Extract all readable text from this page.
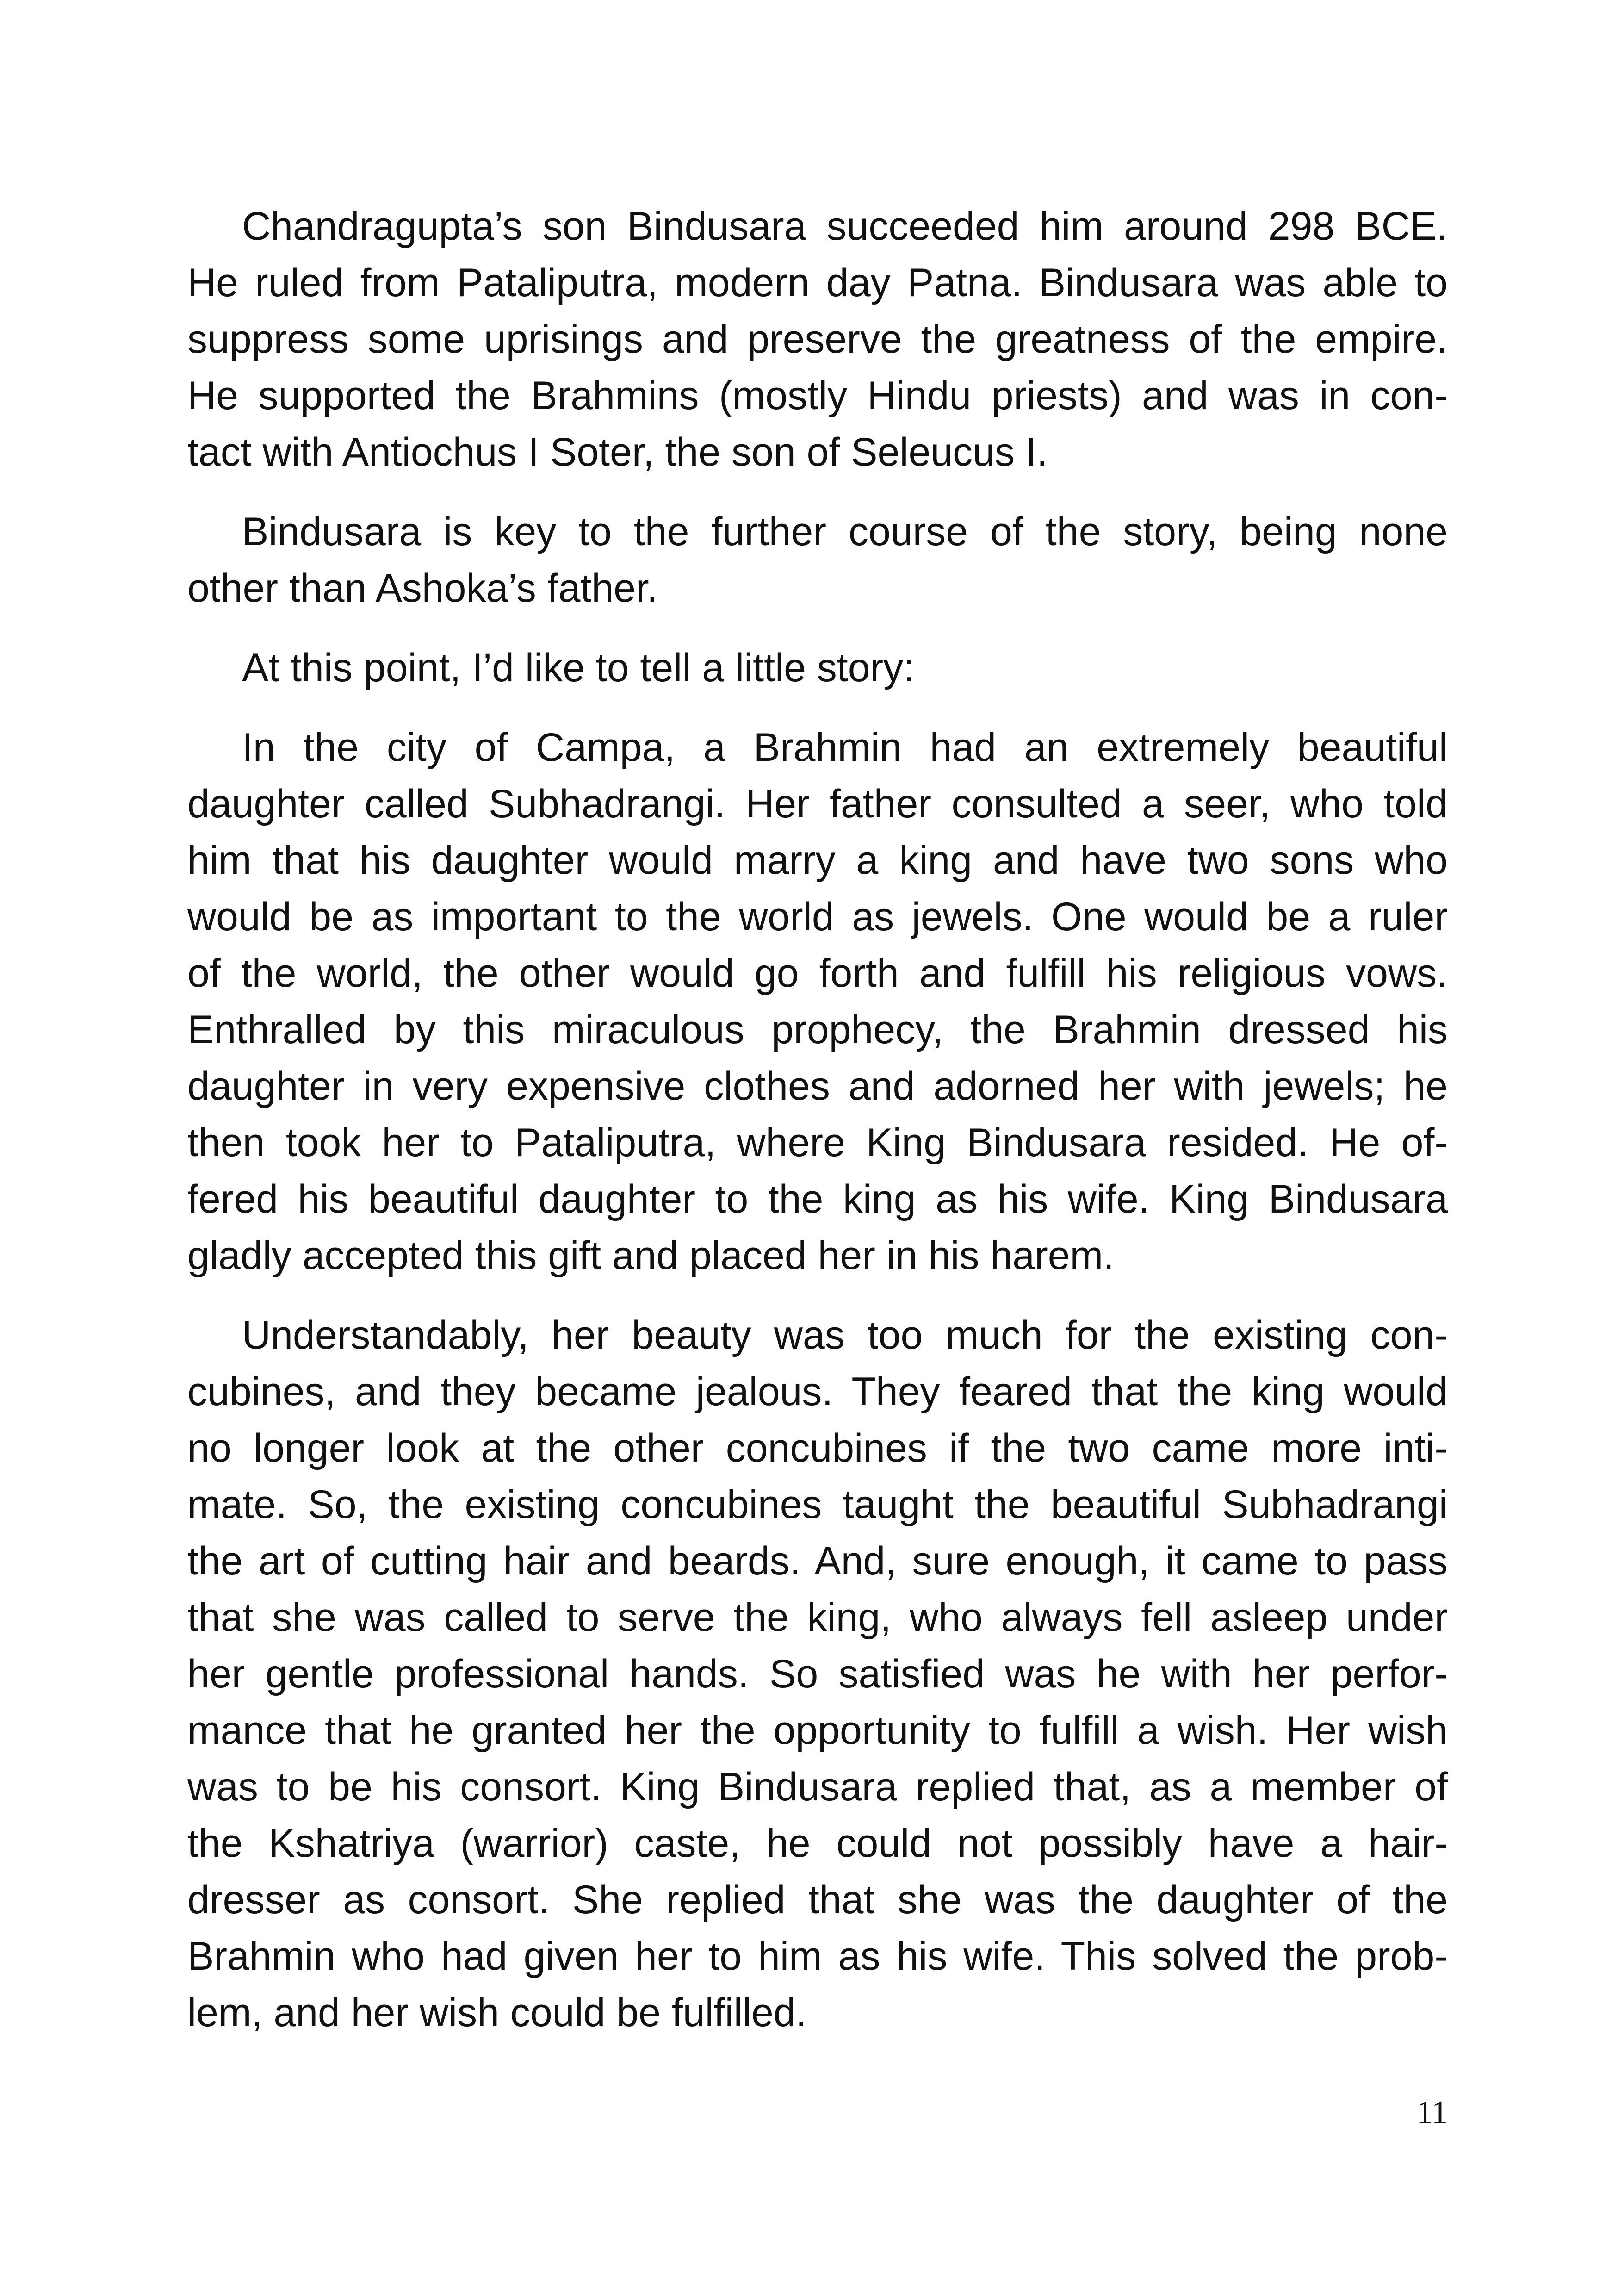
Chandragupta’s son Bindusara succeeded him around 298 BCE.
He ruled from Pataliputra, modern day Patna. Bindusara was able to
suppress some uprisings and preserve the greatness of the empire.
He supported the Brahmins (mostly Hindu priests) and was in con-
tact with Antiochus I Soter, the son of Seleucus I.

Bindusara is key to the further course of the story, being none
other than Ashoka’s father.

At this point, I’d like to tell a little story:

In the city of Campa, a Brahmin had an extremely beautiful
daughter called Subhadrangi. Her father consulted a seer, who told
him that his daughter would marry a king and have two sons who
would be as important to the world as jewels. One would be a ruler
of the world, the other would go forth and fulfill his religious vows.
Enthralled by this miraculous prophecy, the Brahmin dressed his
daughter in very expensive clothes and adorned her with jewels; he
then took her to Pataliputra, where King Bindusara resided. He of-
fered his beautiful daughter to the king as his wife. King Bindusara
gladly accepted this gift and placed her in his harem.

Understandably, her beauty was too much for the existing con-
cubines, and they became jealous. They feared that the king would
no longer look at the other concubines if the two came more inti-
mate. So, the existing concubines taught the beautiful Subhadrangi
the art of cutting hair and beards. And, sure enough, it came to pass
that she was called to serve the king, who always fell asleep under
her gentle professional hands. So satisfied was he with her perfor-
mance that he granted her the opportunity to fulfill a wish. Her wish
was to be his consort. King Bindusara replied that, as a member of
the Kshatriya (warrior) caste, he could not possibly have a hair-
dresser as consort. She replied that she was the daughter of the
Brahmin who had given her to him as his wife. This solved the prob-
lem, and her wish could be fulfilled.

11
